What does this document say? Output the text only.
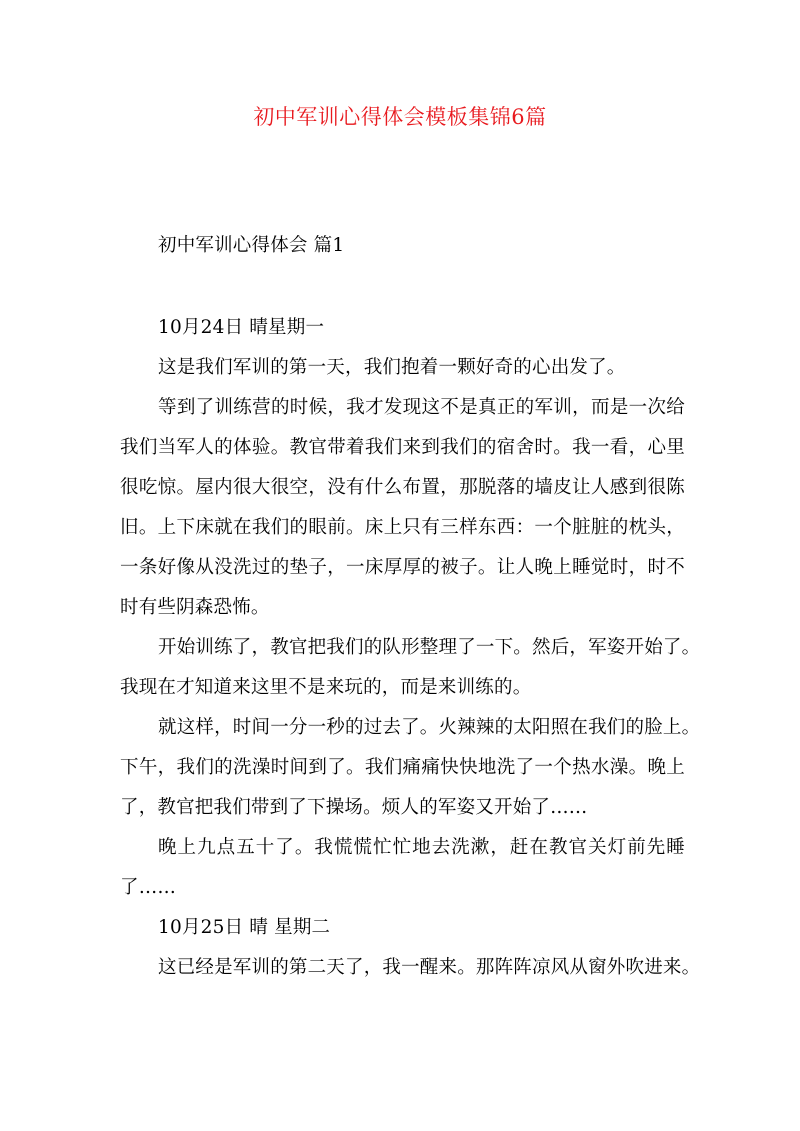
初中军训心得体会模板集锦6篇
初中军训心得体会 篇1
10月24日 晴星期一
这是我们军训的第一天，我们抱着一颗好奇的心出发了。
等到了训练营的时候，我才发现这不是真正的军训，而是一次给
我们当军人的体验。教官带着我们来到我们的宿舍时。我一看，心里
很吃惊。屋内很大很空，没有什么布置，那脱落的墙皮让人感到很陈
旧。上下床就在我们的眼前。床上只有三样东西：一个脏脏的枕头，
一条好像从没洗过的垫子，一床厚厚的被子。让人晚上睡觉时，时不
时有些阴森恐怖。
开始训练了，教官把我们的队形整理了一下。然后，军姿开始了。
我现在才知道来这里不是来玩的，而是来训练的。
就这样，时间一分一秒的过去了。火辣辣的太阳照在我们的脸上。
下午，我们的洗澡时间到了。我们痛痛快快地洗了一个热水澡。晚上
了，教官把我们带到了下操场。烦人的军姿又开始了……
晚上九点五十了。我慌慌忙忙地去洗漱，赶在教官关灯前先睡
了……
10月25日 晴 星期二
这已经是军训的第二天了，我一醒来。那阵阵凉风从窗外吹进来。
